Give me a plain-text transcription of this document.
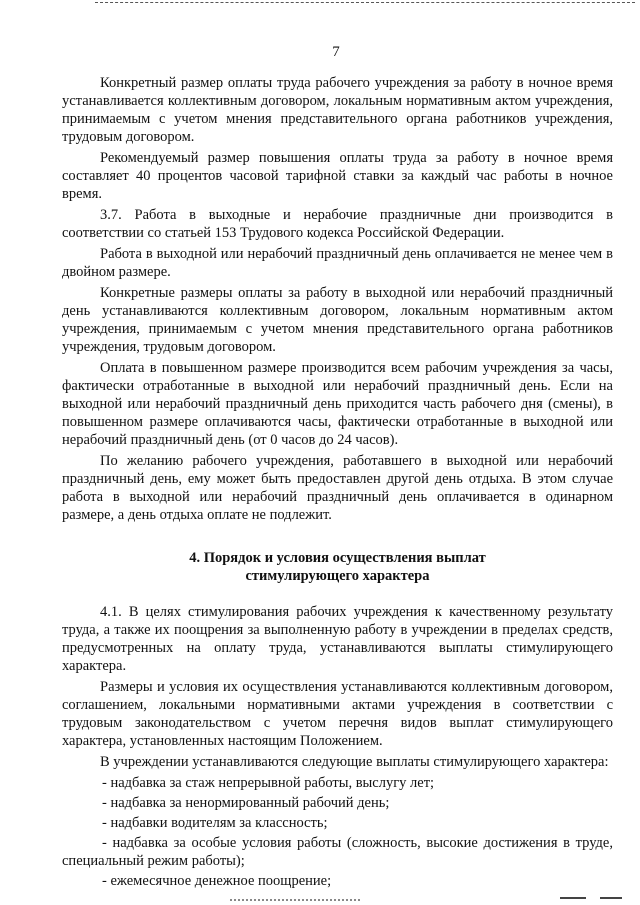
7

Конкретный размер оплаты труда рабочего учреждения за работу в ночное время устанавливается коллективным договором, локальным нормативным актом учреждения, принимаемым с учетом мнения представительного органа работников учреждения, трудовым договором.

Рекомендуемый размер повышения оплаты труда за работу в ночное время составляет 40 процентов часовой тарифной ставки за каждый час работы в ночное время.

3.7. Работа в выходные и нерабочие праздничные дни производится в соответствии со статьей 153 Трудового кодекса Российской Федерации.

Работа в выходной или нерабочий праздничный день оплачивается не менее чем в двойном размере.

Конкретные размеры оплаты за работу в выходной или нерабочий праздничный день устанавливаются коллективным договором, локальным нормативным актом учреждения, принимаемым с учетом мнения представительного органа работников учреждения, трудовым договором.

Оплата в повышенном размере производится всем рабочим учреждения за часы, фактически отработанные в выходной или нерабочий праздничный день. Если на выходной или нерабочий праздничный день приходится часть рабочего дня (смены), в повышенном размере оплачиваются часы, фактически отработанные в выходной или нерабочий праздничный день (от 0 часов до 24 часов).

По желанию рабочего учреждения, работавшего в выходной или нерабочий праздничный день, ему может быть предоставлен другой день отдыха. В этом случае работа в выходной или нерабочий праздничный день оплачивается в одинарном размере, а день отдыха оплате не подлежит.

4. Порядок и условия осуществления выплат
стимулирующего характера

4.1. В целях стимулирования рабочих учреждения к качественному результату труда, а также их поощрения за выполненную работу в учреждении в пределах средств, предусмотренных на оплату труда, устанавливаются выплаты стимулирующего характера.

Размеры и условия их осуществления устанавливаются коллективным договором, соглашением, локальными нормативными актами учреждения в соответствии с трудовым законодательством с учетом перечня видов выплат стимулирующего характера, установленных настоящим Положением.

В учреждении устанавливаются следующие выплаты стимулирующего характера:

- надбавка за стаж непрерывной работы, выслугу лет;
- надбавка за ненормированный рабочий день;
- надбавки водителям за классность;
- надбавка за особые условия работы (сложность, высокие достижения в труде, специальный режим работы);
- ежемесячное денежное поощрение;
